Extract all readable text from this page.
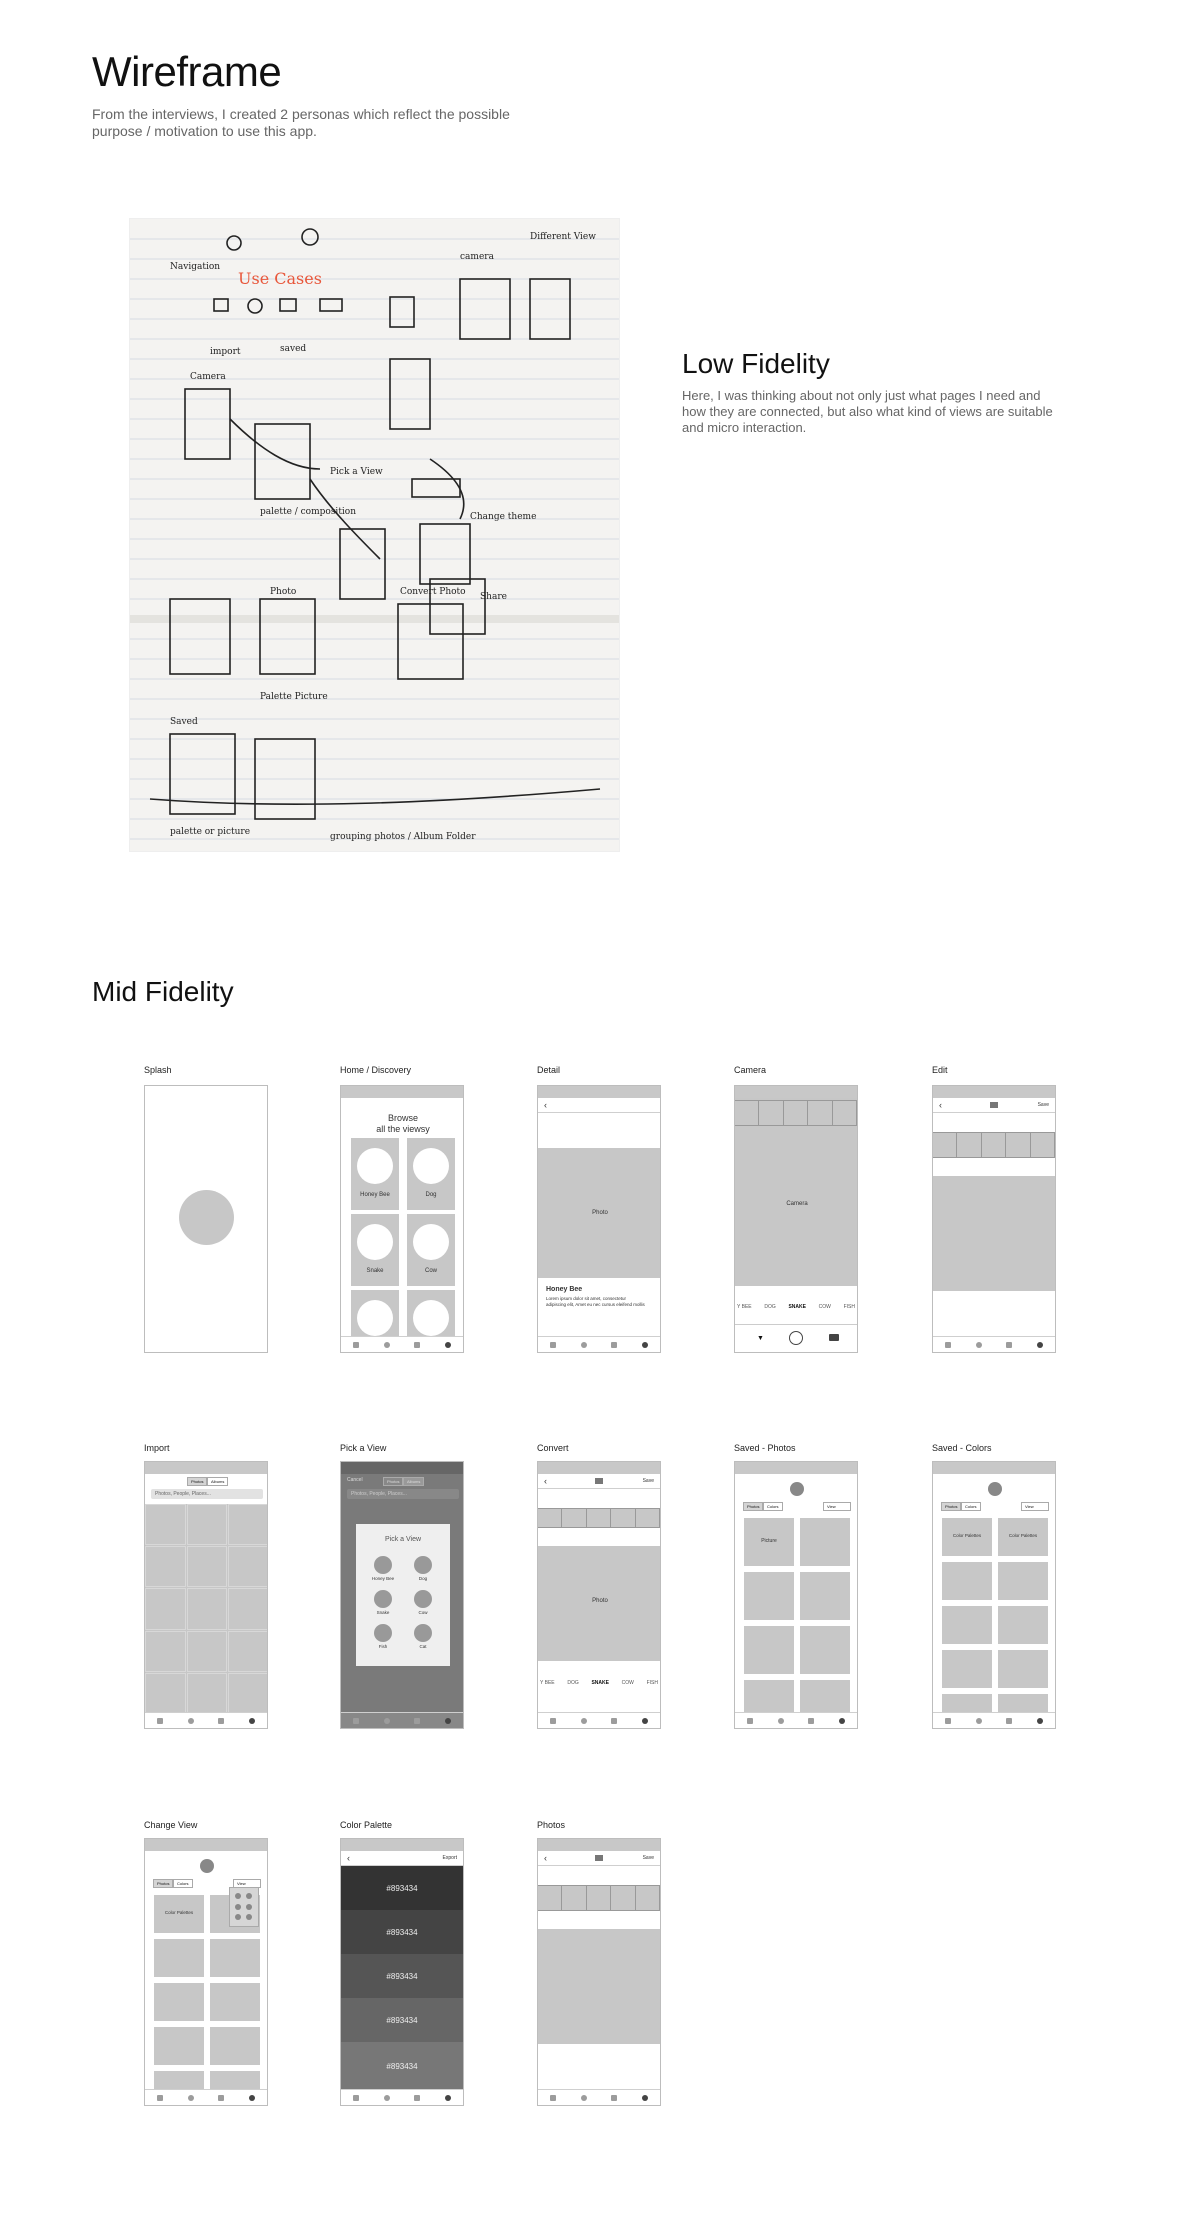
Wireframe
From the interviews, I created 2 personas which reflect the possible purpose / motivation to use this app.
Navigation
import	saved
Camera
camera
Different View
Pick a View
palette / composition	Change theme
Photo	Convert Photo Share
Palette Picture
Saved
palette or picture	grouping photos / Album Folder
Use Cases
Low Fidelity
Here, I was thinking about not only just what pages I need and how they are connected, but also what kind of views are suitable and micro interaction.
Mid Fidelity
Splash	Home / Discovery
Browse
all the viewsy
Honey Bee	Dog
Snake	Cow
Detail
‹
Photo
Honey Bee
Lorem ipsum dolor sit amet, consectetur adipiscing elit, Amet eu nec cursus eleifend mollis
Camera
Camera
Y BEE	DOG	SNAKE	COW	FISH
▼
Edit
‹	Save
Import
Photos	Albums
Photos, People, Places...
Pick a View
Cancel	Photos	Albums
Photos, People, Places...
Pick a View
Honey Bee	Dog
Snake	Cow
Fish	Cat
Convert
‹	Save
Photo
Y BEE	DOG	SNAKE	COW	FISH
Saved - Photos
Photos	Colors	View
Picture
Saved - Colors
Photos	Colors	View
Color Palettes	Color Palettes
Change View
Photos	Colors	View
Color Palettes
Color Palette
‹	Export
#893434
#893434
#893434
#893434
#893434
Photos
‹	Save
